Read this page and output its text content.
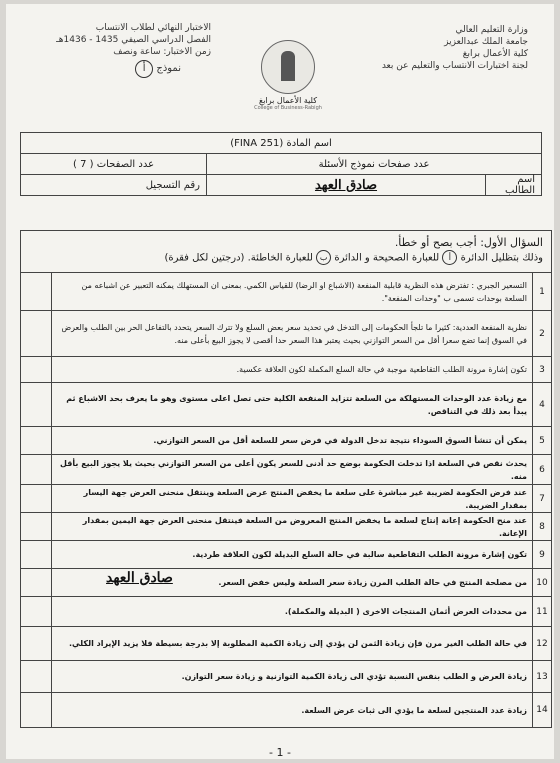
وزارة التعليم العالي
جامعة الملك عبدالعزيز
كلية الأعمال برابغ
لجنة اختبارات الانتساب والتعليم عن بعد
كلية الأعمال برابغ
College of Business-Rabigh
الاختبار النهائي لطلاب الانتساب
الفصل الدراسي الصيفي 1435 - 1436هـ
زمن الاختبار: ساعة ونصف
نموذج أ
اسم المادة (FINA 251)
عدد صفحات نموذج الأسئلة
عدد الصفحات ( 7 )
اسم الطالب
صادق العهد
رقم التسجيل
السؤال الأول: أجب بصح أو خطأ.
وذلك بتظليل الدائرة أ للعبارة الصحيحة و الدائرة ب للعبارة الخاطئة. (درجتين لكل فقرة)
1
التسعير الجبري : تفترض هذه النظرية قابلية المنفعة (الاشباع او الرضا) للقياس الكمي. بمعنى ان المستهلك يمكنه التعبير عن اشباعه من السلعة بوحدات تسمى ب "وحدات المنفعة".
2
نظرية المنفعة العددية: كثيرا ما تلجأ الحكومات إلى التدخل في تحديد سعر بعض السلع ولا تترك السعر يتحدد بالتفاعل الحر بين الطلب والعرض في السوق إنما تضع سعرا أقل من السعر التوازني بحيث يعتبر هذا السعر حدا أقصى لا يجوز البيع بأعلى منه.
3
تكون إشارة مرونة الطلب التقاطعية موجبة في حالة السلع المكملة لكون العلاقة عكسية.
4
مع زيادة عدد الوحدات المستهلكة من السلعة تتزايد المنفعة الكلية حتى تصل اعلى مستوى وهو ما يعرف بحد الاشباع ثم يبدأ بعد ذلك في التناقص.
5
يمكن أن تنشأ السوق السوداء نتيجة تدخل الدولة في فرض سعر للسلعة أقل من السعر التوازني.
6
يحدث نقص في السلعة اذا تدخلت الحكومة بوضع حد أدنى للسعر يكون أعلى من السعر التوازني بحيث يلا يجوز البيع بأقل منه.
7
عند فرض الحكومة لضريبة غير مباشرة على سلعة ما يخفض المنتج عرض السلعة وينتقل منحنى العرض جهة اليسار بمقدار الضريبة.
8
عند منح الحكومة إعانة إنتاج لسلعة ما يخفض المنتج المعروض من السلعة فينتقل منحنى العرض جهة اليمين بمقدار الإعانة.
9
تكون إشارة مرونة الطلب التقاطعية سالبة في حالة السلع البديلة لكون العلاقة طردية.
10
من مصلحة المنتج في حالة الطلب المرن زيادة سعر السلعة وليس خفض السعر.
11
من محددات العرض أثمان المنتجات الاخرى ( البديلة والمكملة).
12
في حالة الطلب الغير مرن فإن زيادة الثمن لن يؤدي إلى زيادة الكمية المطلوبة إلا بدرجة بسيطة فلا يزيد الإيراد الكلي.
13
زيادة العرض و الطلب بنفس النسبة تؤدي الى زيادة الكمية التوازنية و زيادة سعر التوازن.
14
زيادة عدد المنتجين لسلعة ما يؤدي الى ثبات عرض السلعة.
صادق العهد
- 1 -
